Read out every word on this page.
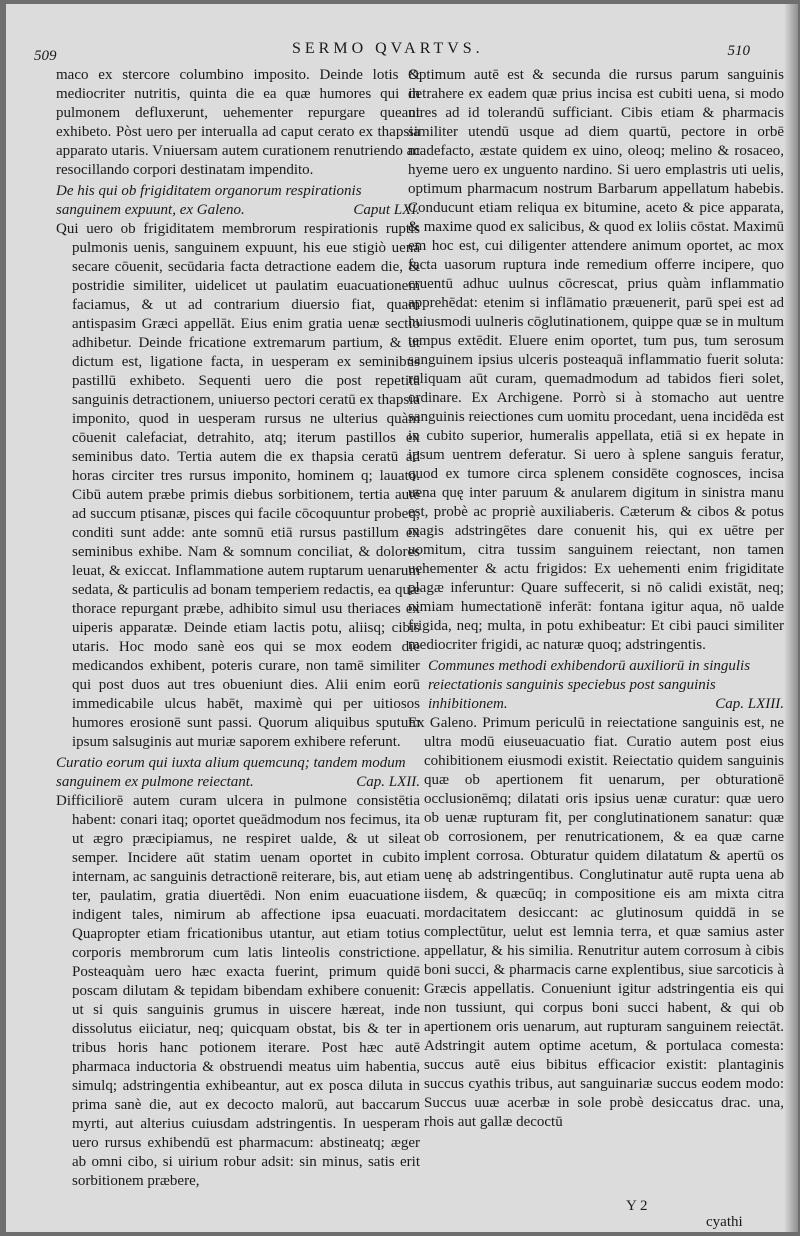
509	SERMO QVARTVS.	510

maco ex stercore columbino imposito. Deinde lotis & mediocriter nutritis, quinta die ea quæ humores qui in pulmonem defluxerunt, uehementer repurgare queant exhibeto. Pòst uero per interualla ad caput cerato ex thapsia apparato utaris. Vniuersam autem curationem renutriendo ac resocillando corpori destinatam impendito.

De his qui ob frigiditatem organorum respirationis sanguinem expuunt, ex Galeno.	Caput LXI.

Qui uero ob frigiditatem membrorum respirationis ruptis pulmonis uenis, sanguinem expuunt, his eue stigiò uenā secare cōuenit, secūdaria facta detractione eadem die, & postridie similiter, uidelicet ut paulatim euacuationem faciamus, & ut ad contrarium diuersio fiat, quam antispasim Græci appellāt. Eius enim gratia uenæ sectio adhibetur. Deinde fricatione extremarum partium, & ut dictum est, ligatione facta, in uesperam ex seminibus pastillū exhibeto. Sequenti uero die post repetitā sanguinis detractionem, uniuerso pectori ceratū ex thapsia imponito, quod in uesperam rursus ne ulterius quàm cōuenit calefaciat, detrahito, atq; iterum pastillos ex seminibus dato. Tertia autem die ex thapsia ceratū ad horas circiter tres rursus imponito, hominem q; lauato. Cibū autem præbe primis diebus sorbitionem, tertia autē ad succum ptisanæ, pisces qui facile cōcoquuntur probeq; conditi sunt adde: ante somnū etiā rursus pastillum ex seminibus exhibe. Nam & somnum conciliat, & dolores leuat, & exiccat. Inflammatione autem ruptarum uenarum sedata, & particulis ad bonam temperiem redactis, ea quæ thorace repurgant præbe, adhibito simul usu theriaces ex uiperis apparatæ. Deinde etiam lactis potu, aliisq; cibis utaris. Hoc modo sanè eos qui se mox eodem die medicandos exhibent, poteris curare, non tamē similiter qui post duos aut tres obueniunt dies. Alii enim eorū immedicabile ulcus habēt, maximè qui per uitiosos humores erosionē sunt passi. Quorum aliquibus sputum ipsum salsuginis aut muriæ saporem exhibere referunt.

Curatio eorum qui iuxta alium quemcunq; tandem modum sanguinem ex pulmone reiectant.	Cap. LXII.

Difficiliorē autem curam ulcera in pulmone consistētia habent: conari itaq; oportet queādmodum nos fecimus, ita ut ægro præcipiamus, ne respiret ualde, & ut sileat semper. Incidere aūt statim uenam oportet in cubito internam, ac sanguinis detractionē reiterare, bis, aut etiam ter, paulatim, gratia diuertēdi. Non enim euacuatione indigent tales, nimirum ab affectione ipsa euacuati. Quapropter etiam fricationibus utantur, aut etiam totius corporis membrorum cum latis linteolis constrictione. Posteaquàm uero hæc exacta fuerint, primum quidē poscam dilutam & tepidam bibendam exhibere conuenit: ut si quis sanguinis grumus in uiscere hæreat, inde dissolutus eiiciatur, neq; quicquam obstat, bis & ter in tribus horis hanc potionem iterare. Post hæc autē pharmaca inductoria & obstruendi meatus uim habentia, simulq; adstringentia exhibeantur, aut ex posca diluta in prima sanè die, aut ex decocto malorū, aut baccarum myrti, aut alterius cuiusdam adstringentis. In uesperam uero rursus exhibendū est pharmacum: abstineatq; æger ab omni cibo, si uirium robur adsit: sin minus, satis erit sorbitionem præbere,

Optimum autē est & secunda die rursus parum sanguinis detrahere ex eadem quæ prius incisa est cubiti uena, si modo uires ad id tolerandū sufficiant. Cibis etiam & pharmacis similiter utendū usque ad diem quartū, pectore in orbē madefacto, æstate quidem ex uino, oleoq; melino & rosaceo, hyeme uero ex unguento nardino. Si uero emplastris uti uelis, optimum pharmacum nostrum Barbarum appellatum habebis. Conducunt etiam reliqua ex bitumine, aceto & pice apparata, & maxime quod ex salicibus, & quod ex loliis cōstat. Maximū em hoc est, cui diligenter attendere animum oportet, ac mox facta uasorum ruptura inde remedium offerre incipere, quo cruentū adhuc uulnus cōcrescat, prius quàm inflammatio apprehēdat: etenim si inflāmatio præuenerit, parū spei est ad huiusmodi uulneris cōglutinationem, quippe quæ se in multum tempus extēdit. Eluere enim oportet, tum pus, tum serosum sanguinem ipsius ulceris posteaquā inflammatio fuerit soluta: reliquam aūt curam, quemadmodum ad tabidos fieri solet, ordinare. Ex Archigene. Porrò si à stomacho aut uentre sanguinis reiectiones cum uomitu procedant, uena incidēda est in cubito superior, humeralis appellata, etiā si ex hepate in ipsum uentrem deferatur. Si uero à splene sanguis feratur, quod ex tumore circa splenem considēte cognosces, incisa uena quę inter paruum & anularem digitum in sinistra manu est, probè ac propriè auxiliaberis. Cæterum & cibos & potus magis adstringētes dare conuenit his, qui ex uētre per uomitum, citra tussim sanguinem reiectant, non tamen uehementer & actu frigidos: Ex uehementi enim frigiditate plagæ inferuntur: Quare suffecerit, si nō calidi existāt, neq; nimiam humectationē inferāt: fontana igitur aqua, nō ualde frigida, neq; multa, in potu exhibeatur: Et cibi pauci similiter mediocriter frigidi, ac naturæ quoq; adstringentis.

Communes methodi exhibendorū auxiliorū in singulis reiectationis sanguinis speciebus post sanguinis inhibitionem.	Cap. LXIII.

Ex Galeno. Primum periculū in reiectatione sanguinis est, ne ultra modū eiuseuacuatio fiat. Curatio autem post eius cohibitionem eiusmodi existit. Reiectatio quidem sanguinis quæ ob apertionem fit uenarum, per obturationē occlusionēmq; dilatati oris ipsius uenæ curatur: quæ uero ob uenæ rupturam fit, per conglutinationem sanatur: quæ ob corrosionem, per renutricationem, & ea quæ carne implent corrosa. Obturatur quidem dilatatum & apertū os uenę ab adstringentibus. Conglutinatur autē rupta uena ab iisdem, & quæcūq; in compositione eis am mixta citra mordacitatem desiccant: ac glutinosum quiddā in se complectūtur, uelut est lemnia terra, et quæ samius aster appellatur, & his similia. Renutritur autem corrosum à cibis boni succi, & pharmacis carne explentibus, siue sarcoticis à Græcis appellatis. Conueniunt igitur adstringentia eis qui non tussiunt, qui corpus boni succi habent, & qui ob apertionem oris uenarum, aut rupturam sanguinem reiectāt. Adstringit autem optime acetum, & portulaca comesta: succus autē eius bibitus efficacior existit: plantaginis succus cyathis tribus, aut sanguinariæ succus eodem modo: Succus uuæ acerbæ in sole probè desiccatus drac. una, rhois aut gallæ decoctū

Y 2
cyathi
